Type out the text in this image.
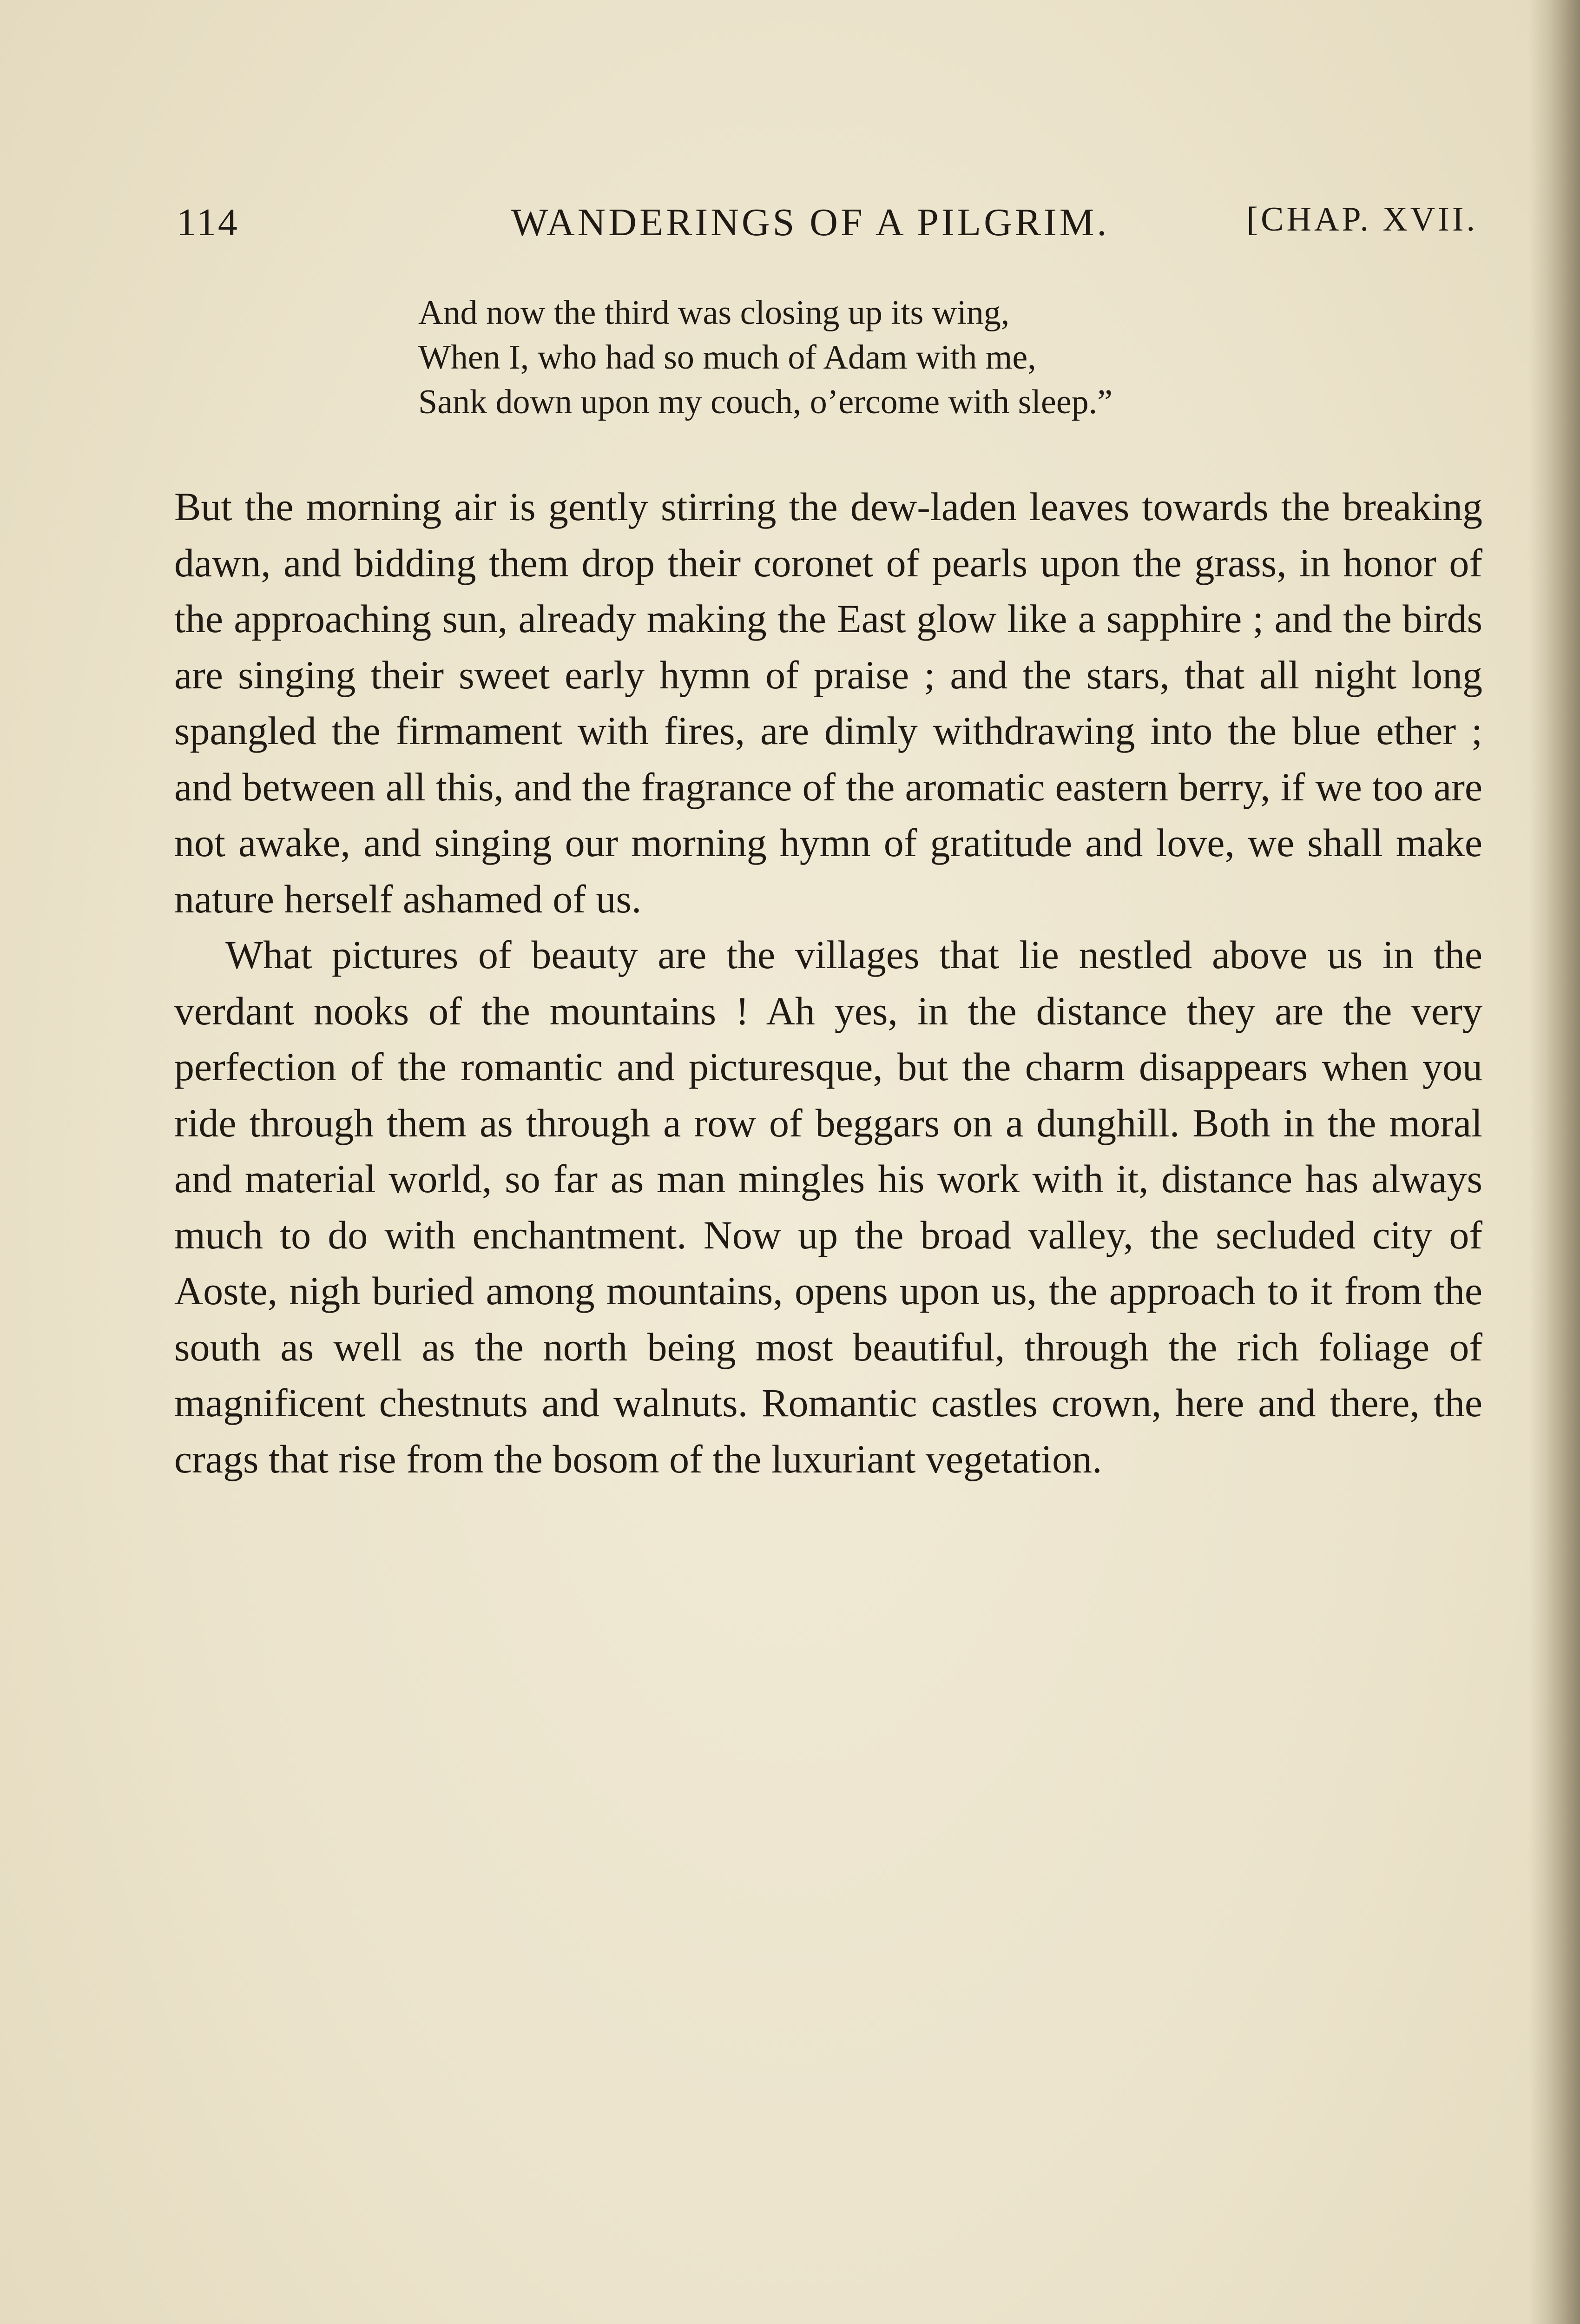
114	WANDERINGS OF A PILGRIM.	[CHAP. XVII.
And now the third was closing up its wing,
When I, who had so much of Adam with me,
Sank down upon my couch, o’ercome with sleep.”

But the morning air is gently stirring the dew-laden leaves towards the breaking dawn, and bidding them drop their coronet of pearls upon the grass, in honor of the approaching sun, already making the East glow like a sapphire ; and the birds are singing their sweet early hymn of praise ; and the stars, that all night long spangled the firmament with fires, are dimly withdrawing into the blue ether ; and between all this, and the fragrance of the aromatic eastern berry, if we too are not awake, and singing our morning hymn of gratitude and love, we shall make nature herself ashamed of us.

What pictures of beauty are the villages that lie nestled above us in the verdant nooks of the mountains ! Ah yes, in the distance they are the very perfection of the romantic and picturesque, but the charm disappears when you ride through them as through a row of beggars on a dunghill. Both in the moral and material world, so far as man mingles his work with it, distance has always much to do with enchantment. Now up the broad valley, the secluded city of Aoste, nigh buried among mountains, opens upon us, the approach to it from the south as well as the north being most beautiful, through the rich foliage of magnificent chestnuts and walnuts. Romantic castles crown, here and there, the crags that rise from the bosom of the luxuriant vegetation.
